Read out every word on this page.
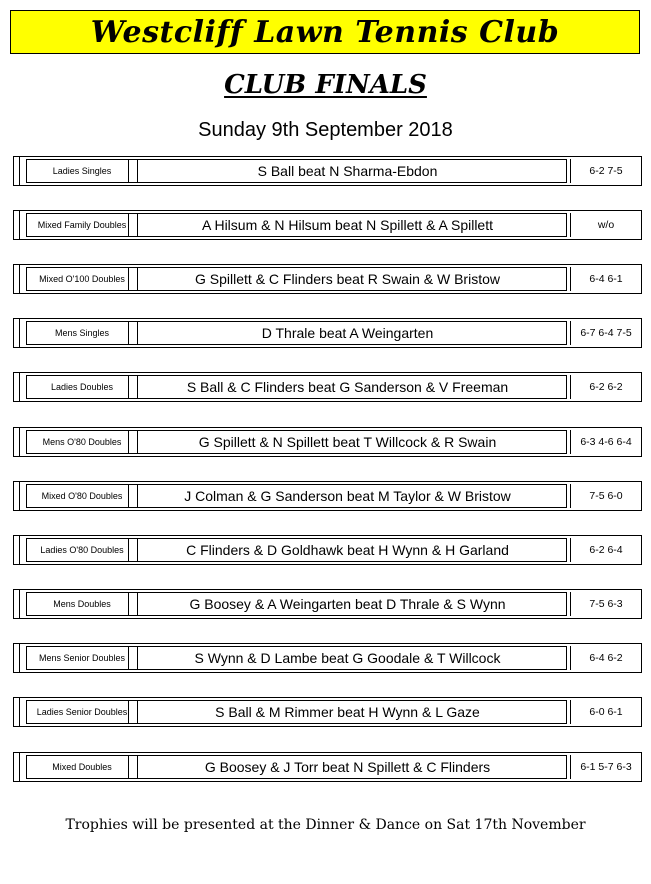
Westcliff Lawn Tennis Club
CLUB FINALS
Sunday 9th September 2018
Ladies Singles	S Ball beat N Sharma-Ebdon	6-2 7-5
Mixed Family Doubles	A Hilsum & N Hilsum beat N Spillett & A Spillett	w/o
Mixed O'100 Doubles	G Spillett & C Flinders beat R Swain & W Bristow	6-4 6-1
Mens Singles	D Thrale beat A Weingarten	6-7 6-4 7-5
Ladies Doubles	S Ball & C Flinders beat G Sanderson & V Freeman	6-2 6-2
Mens O'80 Doubles	G Spillett & N Spillett beat T Willcock & R Swain	6-3 4-6 6-4
Mixed O'80 Doubles	J Colman & G Sanderson beat M Taylor & W Bristow	7-5 6-0
Ladies O'80 Doubles	C Flinders & D Goldhawk beat H Wynn & H Garland	6-2 6-4
Mens Doubles	G Boosey & A Weingarten beat D Thrale & S Wynn	7-5 6-3
Mens Senior Doubles	S Wynn & D Lambe beat G Goodale & T Willcock	6-4 6-2
Ladies Senior Doubles	S Ball & M Rimmer beat H Wynn & L Gaze	6-0 6-1
Mixed Doubles	G Boosey & J Torr beat N Spillett & C Flinders	6-1 5-7 6-3
Trophies will be presented at the Dinner & Dance on Sat 17th November
